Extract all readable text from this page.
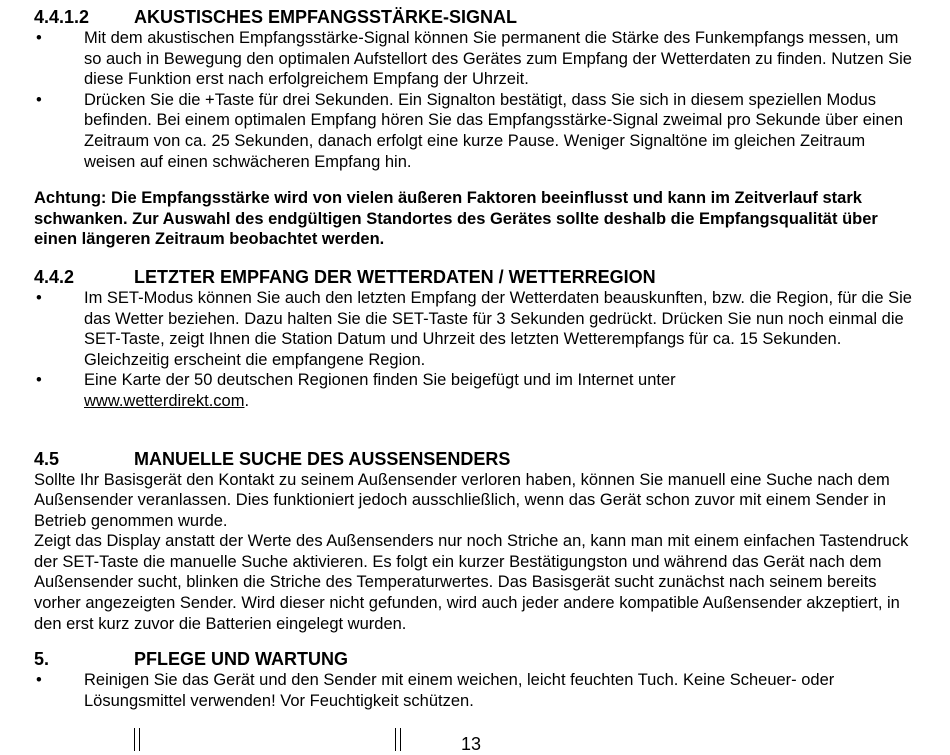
4.4.1.2	AKUSTISCHES EMPFANGSSTÄRKE-SIGNAL
•	Mit dem akustischen Empfangsstärke-Signal können Sie permanent die Stärke des Funkempfangs messen, um so auch in Bewegung den optimalen Aufstellort des Gerätes zum Empfang der Wetterdaten zu finden. Nutzen Sie diese Funktion erst nach erfolgreichem Empfang der Uhrzeit.
•	Drücken Sie die +Taste für drei Sekunden. Ein Signalton bestätigt, dass Sie sich in diesem speziellen Modus befinden. Bei einem optimalen Empfang hören Sie das Empfangsstärke-Signal zweimal pro Sekunde über einen Zeitraum von ca. 25 Sekunden, danach erfolgt eine kurze Pause. Weniger Signaltöne im gleichen Zeitraum weisen auf einen schwächeren Empfang hin.

Achtung: Die Empfangsstärke wird von vielen äußeren Faktoren beeinflusst und kann im Zeitverlauf stark schwanken. Zur Auswahl des endgültigen Standortes des Gerätes sollte deshalb die Empfangsqualität über einen längeren Zeitraum beobachtet werden.

4.4.2	LETZTER EMPFANG DER WETTERDATEN / WETTERREGION
•	Im SET-Modus können Sie auch den letzten Empfang der Wetterdaten beauskunften, bzw. die Region, für die Sie das Wetter beziehen. Dazu halten Sie die SET-Taste für 3 Sekunden gedrückt. Drücken Sie nun noch einmal die SET-Taste, zeigt Ihnen die Station Datum und Uhrzeit des letzten Wetterempfangs für ca. 15 Sekunden. Gleichzeitig erscheint die empfangene Region.
•	Eine Karte der 50 deutschen Regionen finden Sie beigefügt und im Internet unter
www.wetterdirekt.com.
4.5	MANUELLE SUCHE DES AUSSENSENDERS

Sollte Ihr Basisgerät den Kontakt zu seinem Außensender verloren haben, können Sie manuell eine Suche nach dem Außensender veranlassen. Dies funktioniert jedoch ausschließlich, wenn das Gerät schon zuvor mit einem Sender in Betrieb genommen wurde.

Zeigt das Display anstatt der Werte des Außensenders nur noch Striche an, kann man mit einem einfachen Tastendruck der SET-Taste die manuelle Suche aktivieren. Es folgt ein kurzer Bestätigungston und während das Gerät nach dem Außensender sucht, blinken die Striche des Temperaturwertes. Das Basisgerät sucht zunächst nach seinem bereits vorher angezeigten Sender. Wird dieser nicht gefunden, wird auch jeder andere kompatible Außensender akzeptiert, in den erst kurz zuvor die Batterien eingelegt wurden.

5.	PFLEGE UND WARTUNG
•	Reinigen Sie das Gerät und den Sender mit einem weichen, leicht feuchten Tuch. Keine Scheuer- oder Lösungsmittel verwenden! Vor Feuchtigkeit schützen.
13
